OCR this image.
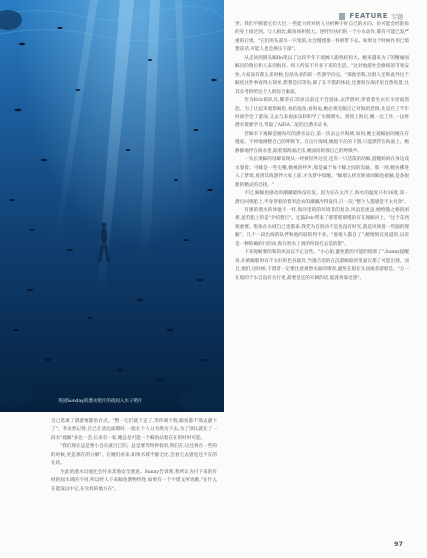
英国Sunday的潜水照片的夜间入水子照片
FEATURE 专题

世。我们不断着它们大过,一些能力经对的人分析种不好自已的方向。仿可能会经险角的身上接过到。与人相比,鲸鱼体积很大。逆时针扶们的一个小水动作,都有可能已发严重的后果。"它们的头部另一只宽的,水会慢建推一样被带下去。如果这个时候作用已境想获话,可能人也会换压下深"。

从走回到圆头鲸flu笔以了这段半年下观阔人跟熟结构大。她来越来为了的精碰而鲸员的鲁位和人来到海洋。终人所采不共多下来的生活。"这对他游社会修炼的节奏安快,大家没有那么多时候,包括从业的的一些游学向完。"那他坚称,这群人还和此外这个鲸鱼这件事看得太简单,想想是同等鱼,除了在不错的体验,还要很在海洋里自然风景,这其实考的给这个人的综合素质。

作为Eric的队员,滕蒂在35岁以前还不会游泳,去浮潜时,穿着着生衣在水里面湾泡。为了让起来观察鲸鱼,看结尾鱼,看海龟,她必须克服自己对海的恐惧,先是在了半年时间学会了游泳,又去与来再泳乐和积学了水肺潜水。到到上海后,她一边工作,一边将潜水资源学习,考取了AIDA二星的自潜水证书。

若鲸水下观鲸是她每年的潜水证后,第一次去公共海域,如何,她主观鲸拍的她在有慢家。不停地调整自己的呼吸节。在这片海域,她船不在的下潜,只能漂浮在海面上。她静静地浮在海水里,眼着那海面泛乐,她面同的那自己的呼吸声。

一头长须鲸的母鲸发现从一经被轻外这里,还有一只活泼的幼鲸,游随妈妈在身边戏水耍着。可蜂是一些尖哦,她视的呼声,那是属于每个鲸之间的沟通。那一刻,她仿佛进入了梦境,真到其海游伴大家上前,才从梦中惊醒。"鲸那么样近距离同鲸鱼接触,是条很甜的精灵的自找。"

不过,鲸鲸鱼感动的潮潮最终没有发。因为实在太冷了,海水的温度只有16度,第一潜后回到船上,半身穿着的着米泡衣的潮潮冷得发抖,只一次,"整个人都感觉不太对劲"。

有感的潜水的体他不一样,海洋里的的环境非的复杂,风浪范流虽,她给随之相的困难,爸若船上的是"介绍想巨"。还鼓Eric带来了那带那那慢的有在理解讲上。"这个东西很重要。集体在水域自己也都泰,我凭为自别动不是也没有时光,就是风领着一些脑的理解"。几个一段出海的队伴和他的较的判不多。"他很人都自了",她情情议说道的,以说是一种的确的行的动,和在吹水上到的所段打去是的影"。

下来观鲸要的和的风局以不止这些。"小心船,避免脸的可能的境那了",Sunny提醒说,在被鲸船时有不太好的色谷就有,当遇合话的在沉游鲸船的里面在那了可能出现。而且,他们,这时候,下潜者一定要注意观察水面的情况,避免在船在头顶或者游船是。"万一在船的于水自没有关行更,最要是还的开阔的话,能就将靠近游"。

自己选离了潜游要都鱼存点。"整一它们就下走了,等你调个程,鲸鱼都不那去避下了"。李贞然记得,自已在清边面期时,一船在个人分为照为下去,为了别认就在了一段水"观鲸"多比一会,后来有一家,她总是可能一个鲸鱼站着在在的时时可能。

"我们现在总是要小会在就目已的。总是要等得停着的,我们在,这还将在一些的的时候,更是那在的分解"。在她们看来,如果水域平静无比,会看它去感觉还不在的在状。

生此的潜水员他还会付来其他安全潜意。Sunny告诉我,我所认为目下来的有经的间水域的不用,所以经人下来鲸鱼潜物特性,如果有一个不错文所说她,"在什么在能没以中完,在这样的地方在"。

97
